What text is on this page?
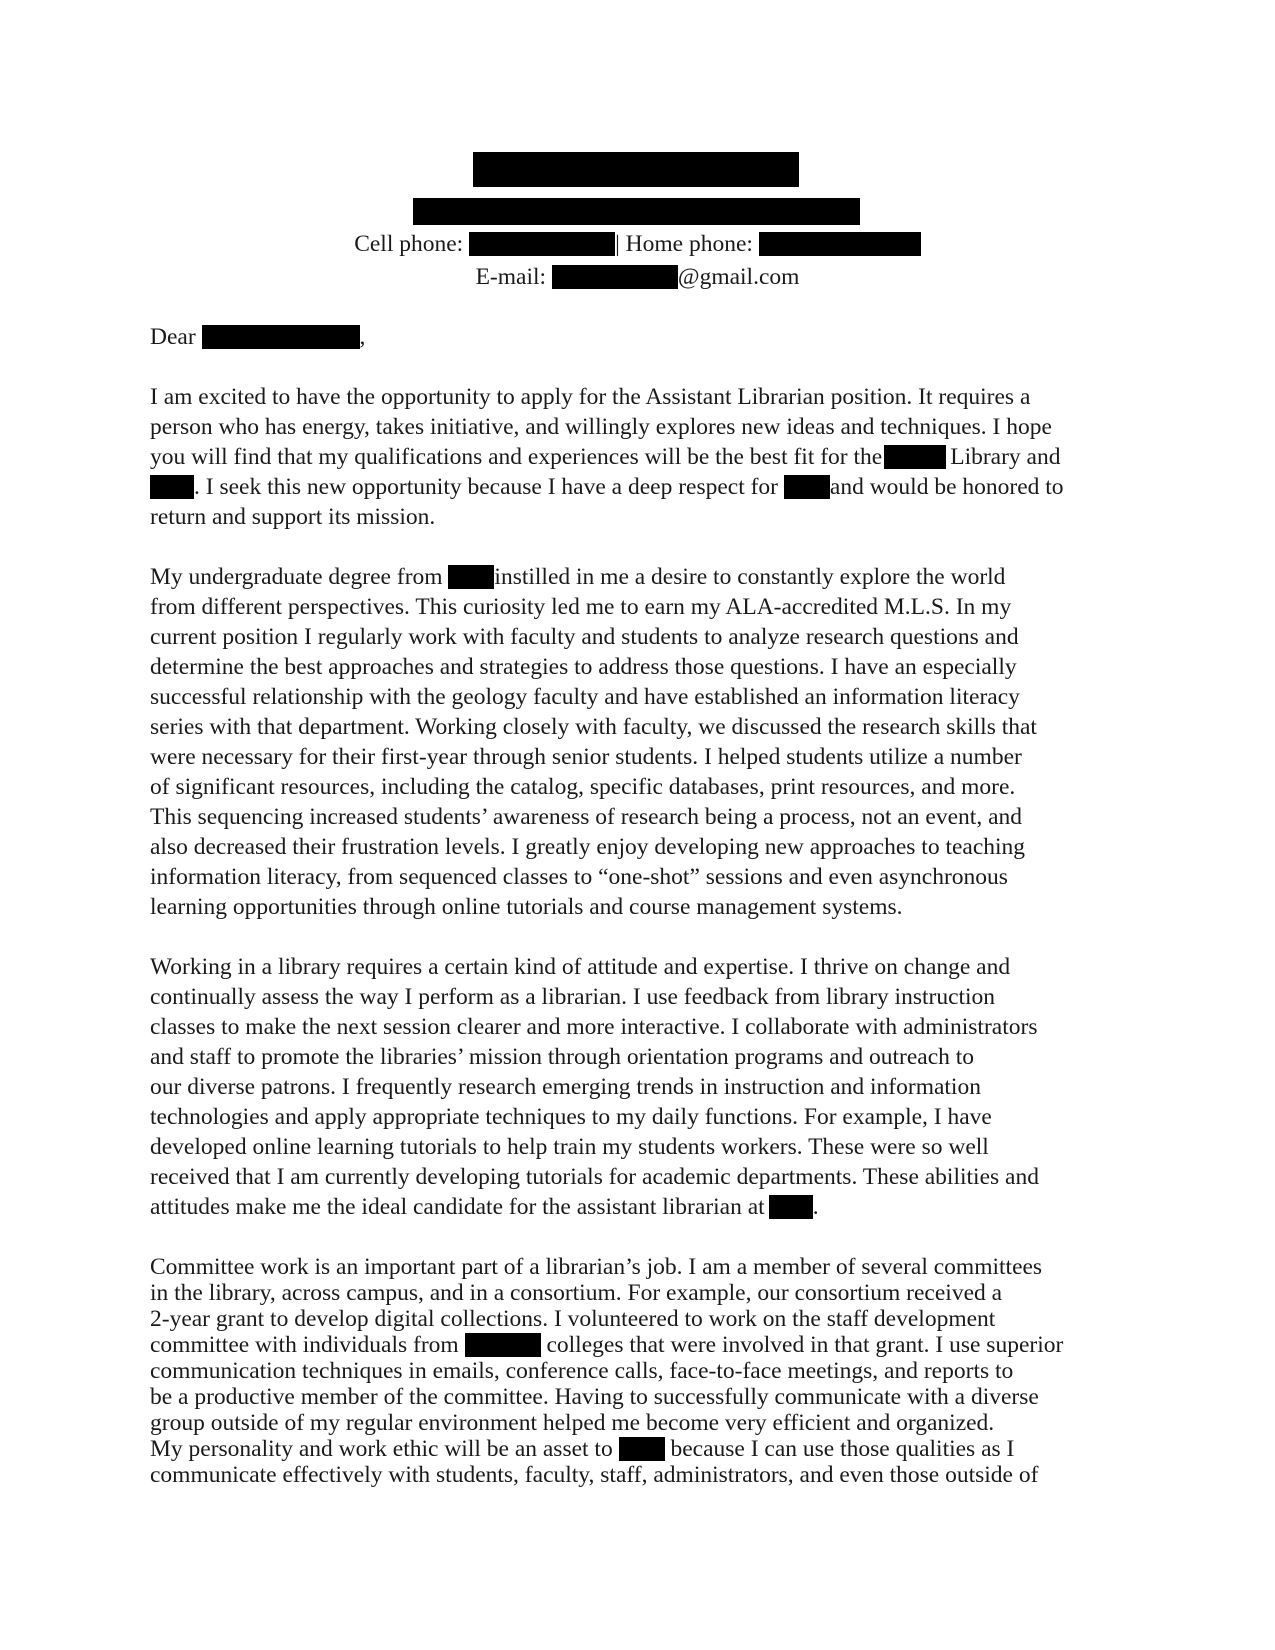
Cell phone:	| Home phone:
E-mail:	@gmail.com
Dear	,
I am excited to have the opportunity to apply for the Assistant Librarian position. It requires a
person who has energy, takes initiative, and willingly explores new ideas and techniques. I hope
you will find that my qualifications and experiences will be the best fit for the	Library and
. I seek this new opportunity because I have a deep respect for and would be honored to
return and support its mission.
My undergraduate degree from instilled in me a desire to constantly explore the world
from different perspectives. This curiosity led me to earn my ALA-accredited M.L.S. In my
current position I regularly work with faculty and students to analyze research questions and
determine the best approaches and strategies to address those questions. I have an especially
successful relationship with the geology faculty and have established an information literacy
series with that department. Working closely with faculty, we discussed the research skills that
were necessary for their first-year through senior students. I helped students utilize a number
of significant resources, including the catalog, specific databases, print resources, and more.
This sequencing increased students’ awareness of research being a process, not an event, and
also decreased their frustration levels. I greatly enjoy developing new approaches to teaching
information literacy, from sequenced classes to “one-shot” sessions and even asynchronous
learning opportunities through online tutorials and course management systems.
Working in a library requires a certain kind of attitude and expertise. I thrive on change and
continually assess the way I perform as a librarian. I use feedback from library instruction
classes to make the next session clearer and more interactive. I collaborate with administrators
and staff to promote the libraries’ mission through orientation programs and outreach to
our diverse patrons. I frequently research emerging trends in instruction and information
technologies and apply appropriate techniques to my daily functions. For example, I have
developed online learning tutorials to help train my students workers. These were so well
received that I am currently developing tutorials for academic departments. These abilities and
attitudes make me the ideal candidate for the assistant librarian at .
Committee work is an important part of a librarian’s job. I am a member of several committees
in the library, across campus, and in a consortium. For example, our consortium received a
2-year grant to develop digital collections. I volunteered to work on the staff development
committee with individuals from	colleges that were involved in that grant. I use superior
communication techniques in emails, conference calls, face-to-face meetings, and reports to
be a productive member of the committee. Having to successfully communicate with a diverse
group outside of my regular environment helped me become very efficient and organized.
My personality and work ethic will be an asset to because I can use those qualities as I
communicate effectively with students, faculty, staff, administrators, and even those outside of
